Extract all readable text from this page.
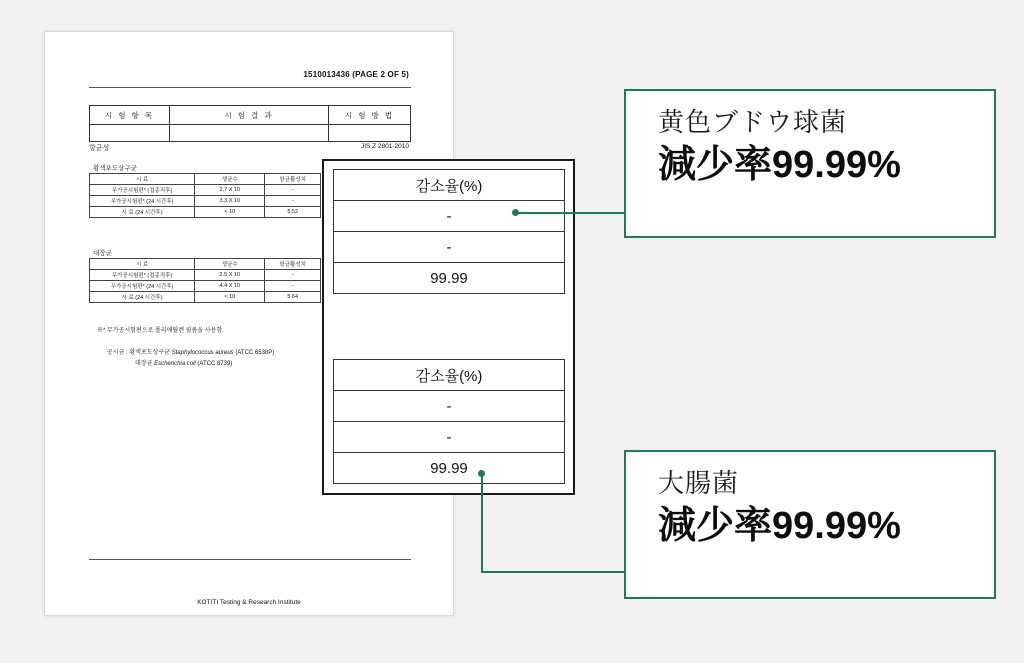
1510013436 (PAGE 2 OF 5)
시 험 항 목	시 험 결 과	시 험 방 법

항균성	JIS Z 2801-2010
황색포도상구균
시 료	생균수	항균활성치
무가공시험편* (접종직후)	2.7 X 10	-
무가공시험편* (24 시간후)	3.3 X 10	-
시 료 (24 시간후)	< 10	5.52
대장균
시 료	생균수	항균활성치
무가공시험편* (접종직후)	2.5 X 10	-
무가공시험편* (24 시간후)	4.4 X 10	-
시 료 (24 시간후)	< 10	5.64
※* 무가공시험편으로 폴리에틸렌 필름을 사용함.
공시균 : 황색포도상구균 Staphylococcus aureus (ATCC 6538P)
대장균 Escherichia coli (ATCC 8739)
KOTITI Testing & Research Institute
감소율(%)
-
-
99.99
감소율(%)
-
-
99.99
黄色ブドウ球菌
減少率99.99%
大腸菌
減少率99.99%
